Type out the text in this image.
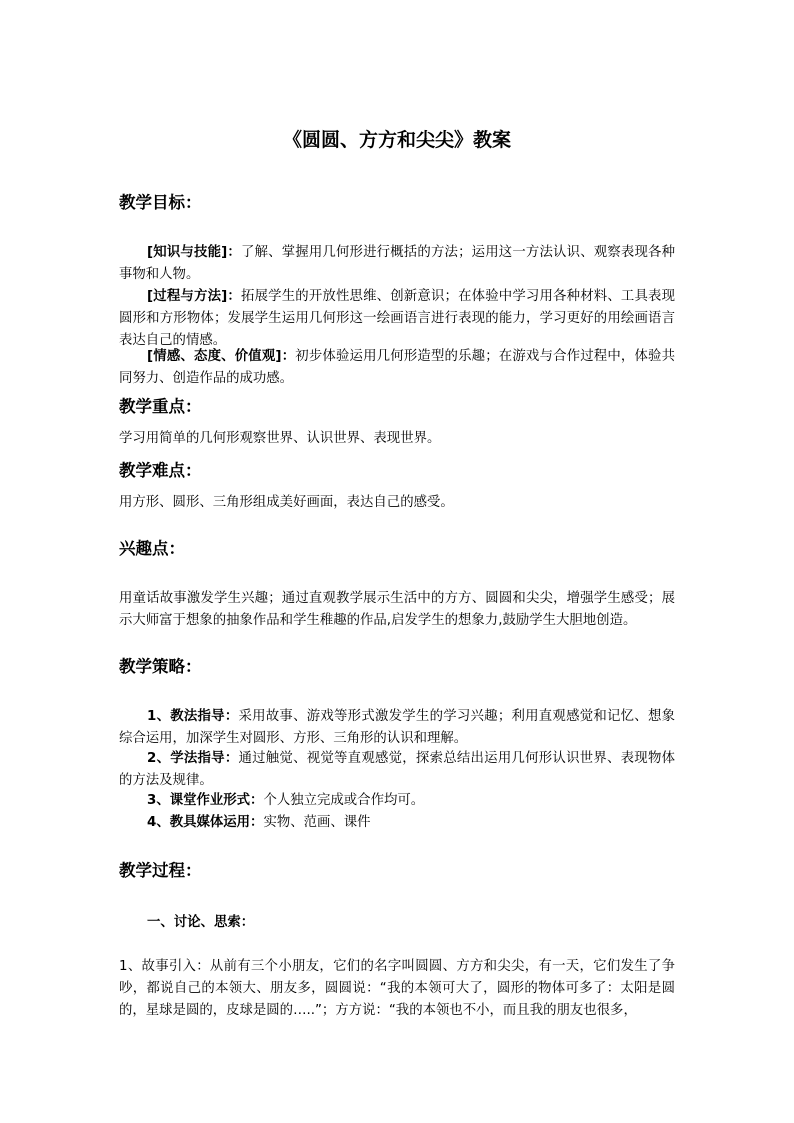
《圆圆、方方和尖尖》教案
教学目标：
[知识与技能]：了解、掌握用几何形进行概括的方法；运用这一方法认识、观察表现各种事物和人物。
[过程与方法]：拓展学生的开放性思维、创新意识；在体验中学习用各种材料、工具表现圆形和方形物体；发展学生运用几何形这一绘画语言进行表现的能力，学习更好的用绘画语言表达自己的情感。
[情感、态度、价值观]：初步体验运用几何形造型的乐趣；在游戏与合作过程中，体验共同努力、创造作品的成功感。
教学重点：
学习用简单的几何形观察世界、认识世界、表现世界。
教学难点：
用方形、圆形、三角形组成美好画面，表达自己的感受。
兴趣点：
用童话故事激发学生兴趣；通过直观教学展示生活中的方方、圆圆和尖尖，增强学生感受；展示大师富于想象的抽象作品和学生稚趣的作品,启发学生的想象力,鼓励学生大胆地创造。
教学策略：
1、教法指导：采用故事、游戏等形式激发学生的学习兴趣；利用直观感觉和记忆、想象综合运用，加深学生对圆形、方形、三角形的认识和理解。
2、学法指导：通过触觉、视觉等直观感觉，探索总结出运用几何形认识世界、表现物体的方法及规律。
3、课堂作业形式：个人独立完成或合作均可。
4、教具媒体运用：实物、范画、课件
教学过程：
一、讨论、思索：
1、故事引入：从前有三个小朋友，它们的名字叫圆圆、方方和尖尖，有一天，它们发生了争吵，都说自己的本领大、朋友多，圆圆说：“我的本领可大了，圆形的物体可多了：太阳是圆的，星球是圆的，皮球是圆的…..”；方方说：“我的本领也不小，而且我的朋友也很多，
